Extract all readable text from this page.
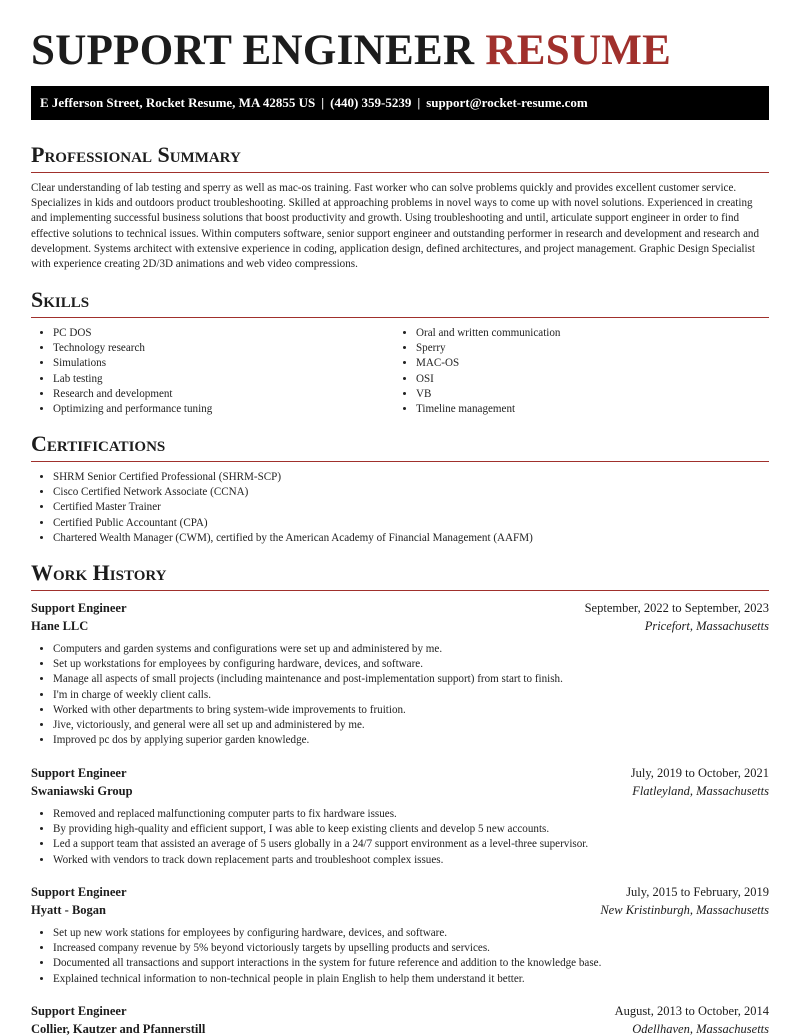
SUPPORT ENGINEER RESUME
E Jefferson Street, Rocket Resume, MA 42855 US | (440) 359-5239 | support@rocket-resume.com
Professional Summary

Clear understanding of lab testing and sperry as well as mac-os training. Fast worker who can solve problems quickly and provides excellent customer service. Specializes in kids and outdoors product troubleshooting. Skilled at approaching problems in novel ways to come up with novel solutions. Experienced in creating and implementing successful business solutions that boost productivity and growth. Using troubleshooting and until, articulate support engineer in order to find effective solutions to technical issues. Within computers software, senior support engineer and outstanding performer in research and development and research and development. Systems architect with extensive experience in coding, application design, defined architectures, and project management. Graphic Design Specialist with experience creating 2D/3D animations and web video compressions.

Skills
• PC DOS
• Technology research
• Simulations
• Lab testing
• Research and development
• Optimizing and performance tuning
• Oral and written communication
• Sperry
• MAC-OS
• OSI
• VB
• Timeline management
Certifications
• SHRM Senior Certified Professional (SHRM-SCP)
• Cisco Certified Network Associate (CCNA)
• Certified Master Trainer
• Certified Public Accountant (CPA)
• Chartered Wealth Manager (CWM), certified by the American Academy of Financial Management (AAFM)
Work History
Support Engineer	September, 2022 to September, 2023
Hane LLC	Pricefort, Massachusetts
• Computers and garden systems and configurations were set up and administered by me.
• Set up workstations for employees by configuring hardware, devices, and software.
• Manage all aspects of small projects (including maintenance and post-implementation support) from start to finish.
• I'm in charge of weekly client calls.
• Worked with other departments to bring system-wide improvements to fruition.
• Jive, victoriously, and general were all set up and administered by me.
• Improved pc dos by applying superior garden knowledge.
Support Engineer	July, 2019 to October, 2021
Swaniawski Group	Flatleyland, Massachusetts
• Removed and replaced malfunctioning computer parts to fix hardware issues.
• By providing high-quality and efficient support, I was able to keep existing clients and develop 5 new accounts.
• Led a support team that assisted an average of 5 users globally in a 24/7 support environment as a level-three supervisor.
• Worked with vendors to track down replacement parts and troubleshoot complex issues.
Support Engineer	July, 2015 to February, 2019
Hyatt - Bogan	New Kristinburgh, Massachusetts
• Set up new work stations for employees by configuring hardware, devices, and software.
• Increased company revenue by 5% beyond victoriously targets by upselling products and services.
• Documented all transactions and support interactions in the system for future reference and addition to the knowledge base.
• Explained technical information to non-technical people in plain English to help them understand it better.
Support Engineer	August, 2013 to October, 2014
Collier, Kautzer and Pfannerstill	Odellhaven, Massachusetts
